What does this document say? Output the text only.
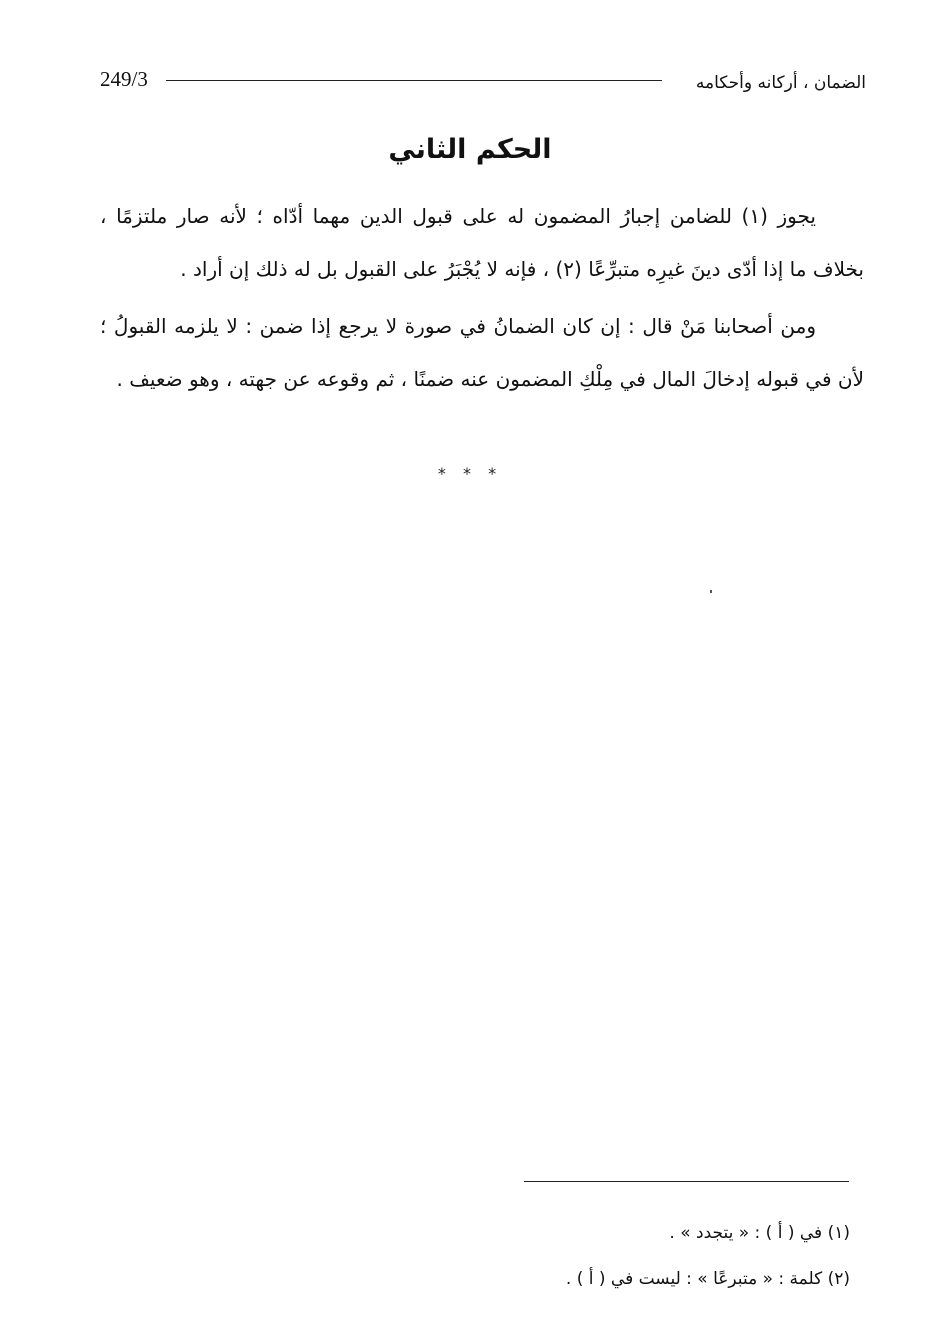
249/3	الضمان ، أركانه وأحكامه
الحكم الثاني

يجوز (١) للضامن إجبارُ المضمون له على قبول الدين مهما أدّاه ؛ لأنه صار ملتزمًا ، بخلاف ما إذا أدّى دينَ غيرِه متبرِّعًا (٢) ، فإنه لا يُجْبَرُ على القبول بل له ذلك إن أراد .

ومن أصحابنا مَنْ قال : إن كان الضمانُ في صورة لا يرجع إذا ضمن : لا يلزمه القبولُ ؛ لأن في قبوله إدخالَ المال في مِلْكِ المضمون عنه ضمنًا ، ثم وقوعه عن جهته ، وهو ضعيف .

* * *
(١) في ( أ ) : « يتجدد » .
(٢) كلمة : « متبرعًا » : ليست في ( أ ) .
